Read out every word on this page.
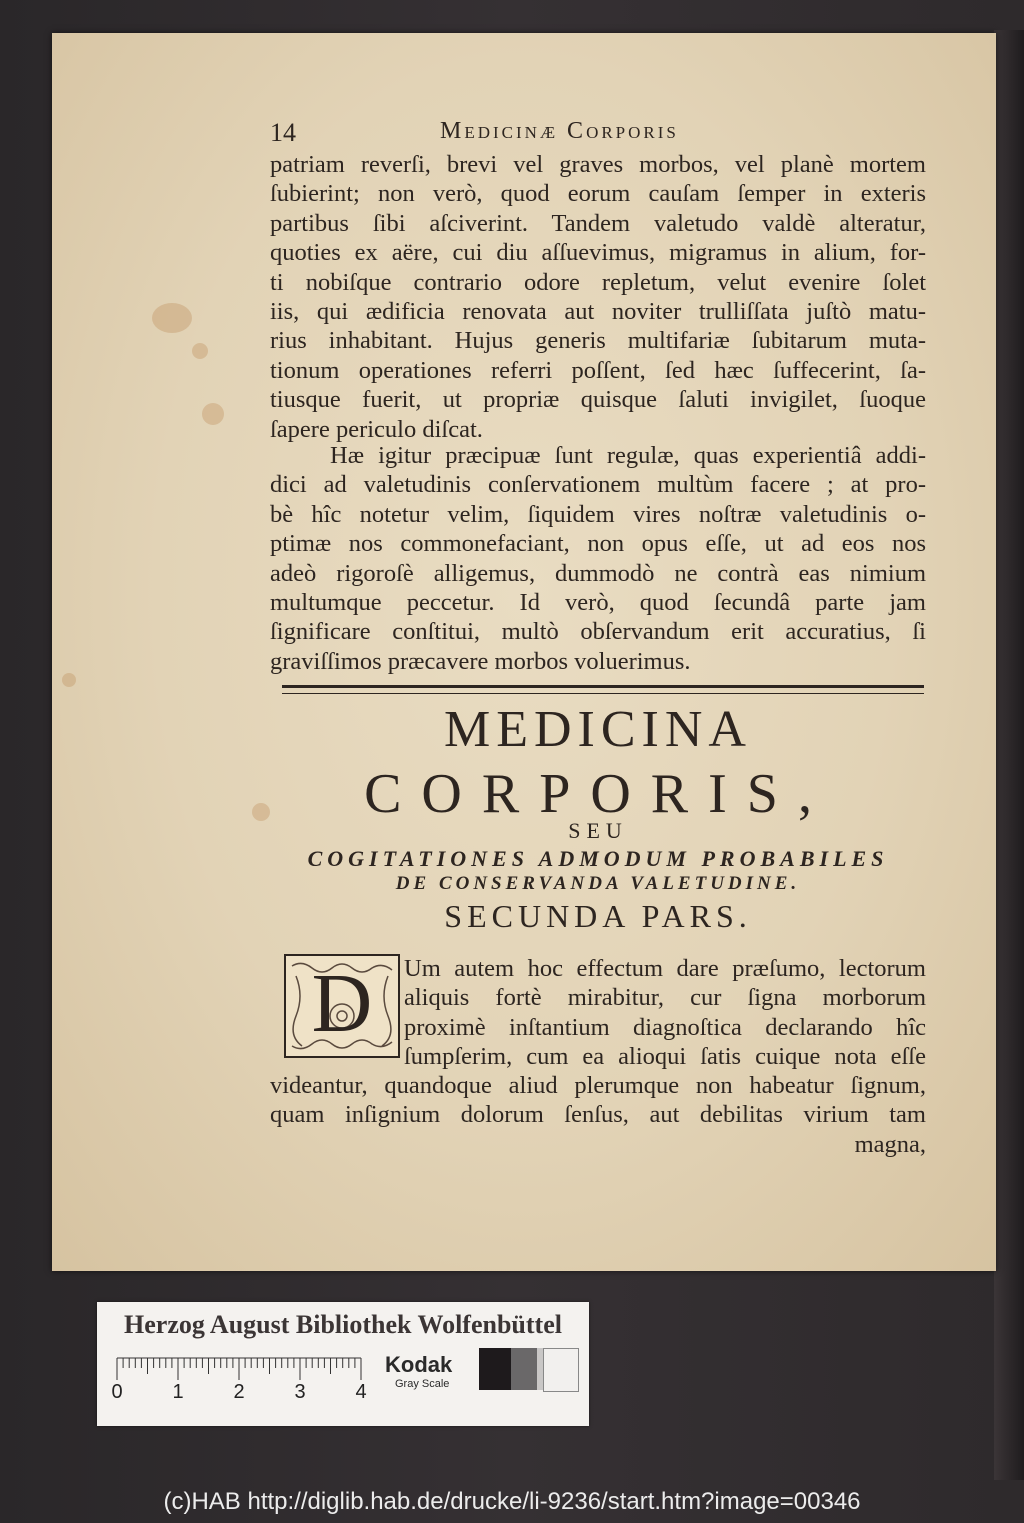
14	Medicinæ Corporis
patriam reverſi, brevi vel graves morbos, vel planè mortem
ſubierint; non verò, quod eorum cauſam ſemper in exteris
partibus ſibi aſciverint. Tandem valetudo valdè alteratur,
quoties ex aëre, cui diu aſſuevimus, migramus in alium, for-
ti nobiſque contrario odore repletum, velut evenire ſolet
iis, qui ædificia renovata aut noviter trulliſſata juſtò matu-
rius inhabitant. Hujus generis multifariæ ſubitarum muta-
tionum operationes referri poſſent, ſed hæc ſuffecerint, ſa-
tiusque fuerit, ut propriæ quisque ſaluti invigilet, ſuoque
ſapere periculo diſcat.
Hæ igitur præcipuæ ſunt regulæ, quas experientiâ addi-
dici ad valetudinis conſervationem multùm facere ; at pro-
bè hîc notetur velim, ſiquidem vires noſtræ valetudinis o-
ptimæ nos commonefaciant, non opus eſſe, ut ad eos nos
adeò rigoroſè alligemus, dummodò ne contrà eas nimium
multumque peccetur. Id verò, quod ſecundâ parte jam
ſignificare conſtitui, multò obſervandum erit accuratius, ſi
graviſſimos præcavere morbos voluerimus.
MEDICINA
CORPORIS,
SEU
COGITATIONES ADMODUM PROBABILES
DE CONSERVANDA VALETUDINE.
SECUNDA PARS.
D	Um autem hoc effectum dare præſumo, lectorum
aliquis fortè mirabitur, cur ſigna morborum
proximè inſtantium diagnoſtica declarando hîc
ſumpſerim, cum ea alioqui ſatis cuique nota eſſe
videantur, quandoque aliud plerumque non habeatur ſignum,
quam inſignium dolorum ſenſus, aut debilitas virium tam
magna,
Herzog August Bibliothek Wolfenbüttel
0 1 2 3 4
Kodak
Gray Scale
(c)HAB http://diglib.hab.de/drucke/li-9236/start.htm?image=00346
